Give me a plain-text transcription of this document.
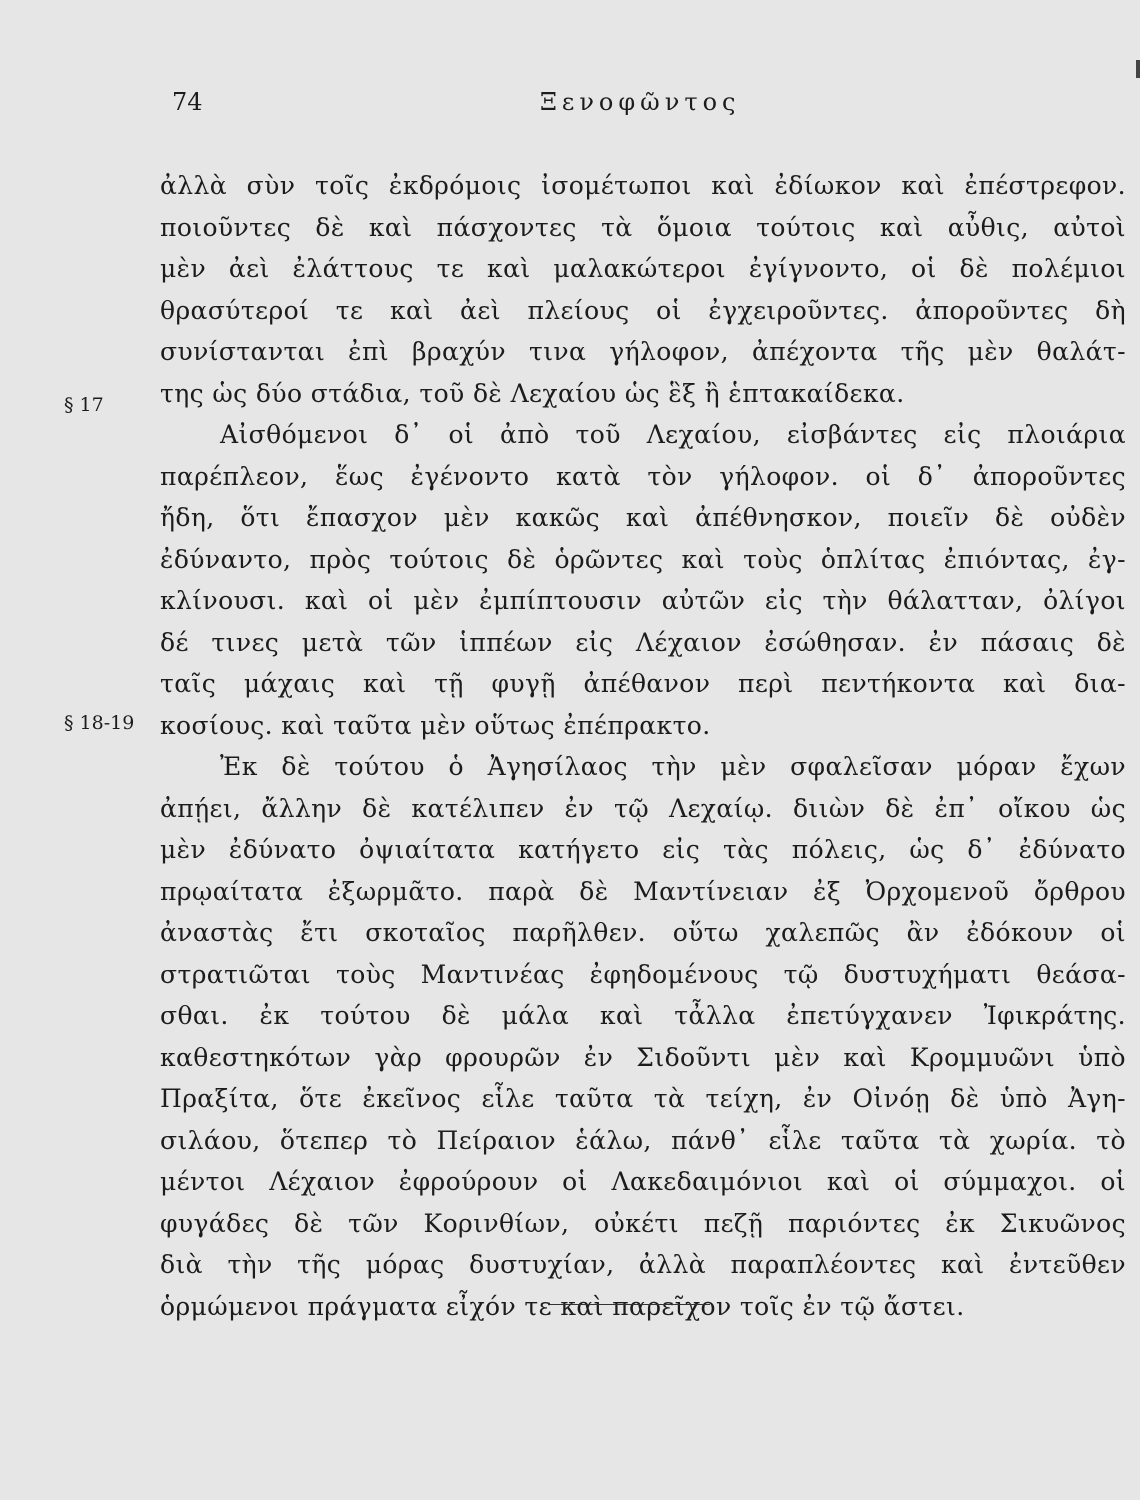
74	Ξενοφῶντος
§ 17
§ 18-19
ἀλλὰ σὺν τοῖς ἐκδρόμοις ἰσομέτωποι καὶ ἐδίωκον καὶ ἐπέστρεφον.
ποιοῦντες δὲ καὶ πάσχοντες τὰ ὅμοια τούτοις καὶ αὖθις, αὐτοὶ
μὲν ἀεὶ ἐλάττους τε καὶ μαλακώτεροι ἐγίγνοντο, οἱ δὲ πολέμιοι
θρασύτεροί τε καὶ ἀεὶ πλείους οἱ ἐγχειροῦντες. ἀποροῦντες δὴ
συνίστανται ἐπὶ βραχύν τινα γήλοφον, ἀπέχοντα τῆς μὲν θαλάτ-
της ὡς δύο στάδια, τοῦ δὲ Λεχαίου ὡς ἓξ ἢ ἑπτακαίδεκα.
Αἰσθόμενοι δ᾽ οἱ ἀπὸ τοῦ Λεχαίου, εἰσβάντες εἰς πλοιάρια
παρέπλεον, ἕως ἐγένοντο κατὰ τὸν γήλοφον. οἱ δ᾽ ἀποροῦντες
ἤδη, ὅτι ἔπασχον μὲν κακῶς καὶ ἀπέθνησκον, ποιεῖν δὲ οὐδὲν
ἐδύναντο, πρὸς τούτοις δὲ ὁρῶντες καὶ τοὺς ὁπλίτας ἐπιόντας, ἐγ-
κλίνουσι. καὶ οἱ μὲν ἐμπίπτουσιν αὐτῶν εἰς τὴν θάλατταν, ὀλίγοι
δέ τινες μετὰ τῶν ἱππέων εἰς Λέχαιον ἐσώθησαν. ἐν πάσαις δὲ
ταῖς μάχαις καὶ τῇ φυγῇ ἀπέθανον περὶ πεντήκοντα καὶ δια-
κοσίους. καὶ ταῦτα μὲν οὕτως ἐπέπρακτο.
Ἐκ δὲ τούτου ὁ Ἀγησίλαος τὴν μὲν σφαλεῖσαν μόραν ἔχων
ἀπῄει, ἄλλην δὲ κατέλιπεν ἐν τῷ Λεχαίῳ. διιὼν δὲ ἐπ᾽ οἴκου ὡς
μὲν ἐδύνατο ὀψιαίτατα κατήγετο εἰς τὰς πόλεις, ὡς δ᾽ ἐδύνατο
πρῳαίτατα ἐξωρμᾶτο. παρὰ δὲ Μαντίνειαν ἐξ Ὀρχομενοῦ ὄρθρου
ἀναστὰς ἔτι σκοταῖος παρῆλθεν. οὕτω χαλεπῶς ἂν ἐδόκουν οἱ
στρατιῶται τοὺς Μαντινέας ἐφηδομένους τῷ δυστυχήματι θεάσα-
σθαι. ἐκ τούτου δὲ μάλα καὶ τἆλλα ἐπετύγχανεν Ἰφικράτης.
καθεστηκότων γὰρ φρουρῶν ἐν Σιδοῦντι μὲν καὶ Κρομμυῶνι ὑπὸ
Πραξίτα, ὅτε ἐκεῖνος εἷλε ταῦτα τὰ τείχη, ἐν Οἰνόῃ δὲ ὑπὸ Ἀγη-
σιλάου, ὅτεπερ τὸ Πείραιον ἑάλω, πάνθ᾽ εἷλε ταῦτα τὰ χωρία. τὸ
μέντοι Λέχαιον ἐφρούρουν οἱ Λακεδαιμόνιοι καὶ οἱ σύμμαχοι. οἱ
φυγάδες δὲ τῶν Κορινθίων, οὐκέτι πεζῇ παριόντες ἐκ Σικυῶνος
διὰ τὴν τῆς μόρας δυστυχίαν, ἀλλὰ παραπλέοντες καὶ ἐντεῦθεν
ὁρμώμενοι πράγματα εἶχόν τε καὶ παρεῖχον τοῖς ἐν τῷ ἄστει.
